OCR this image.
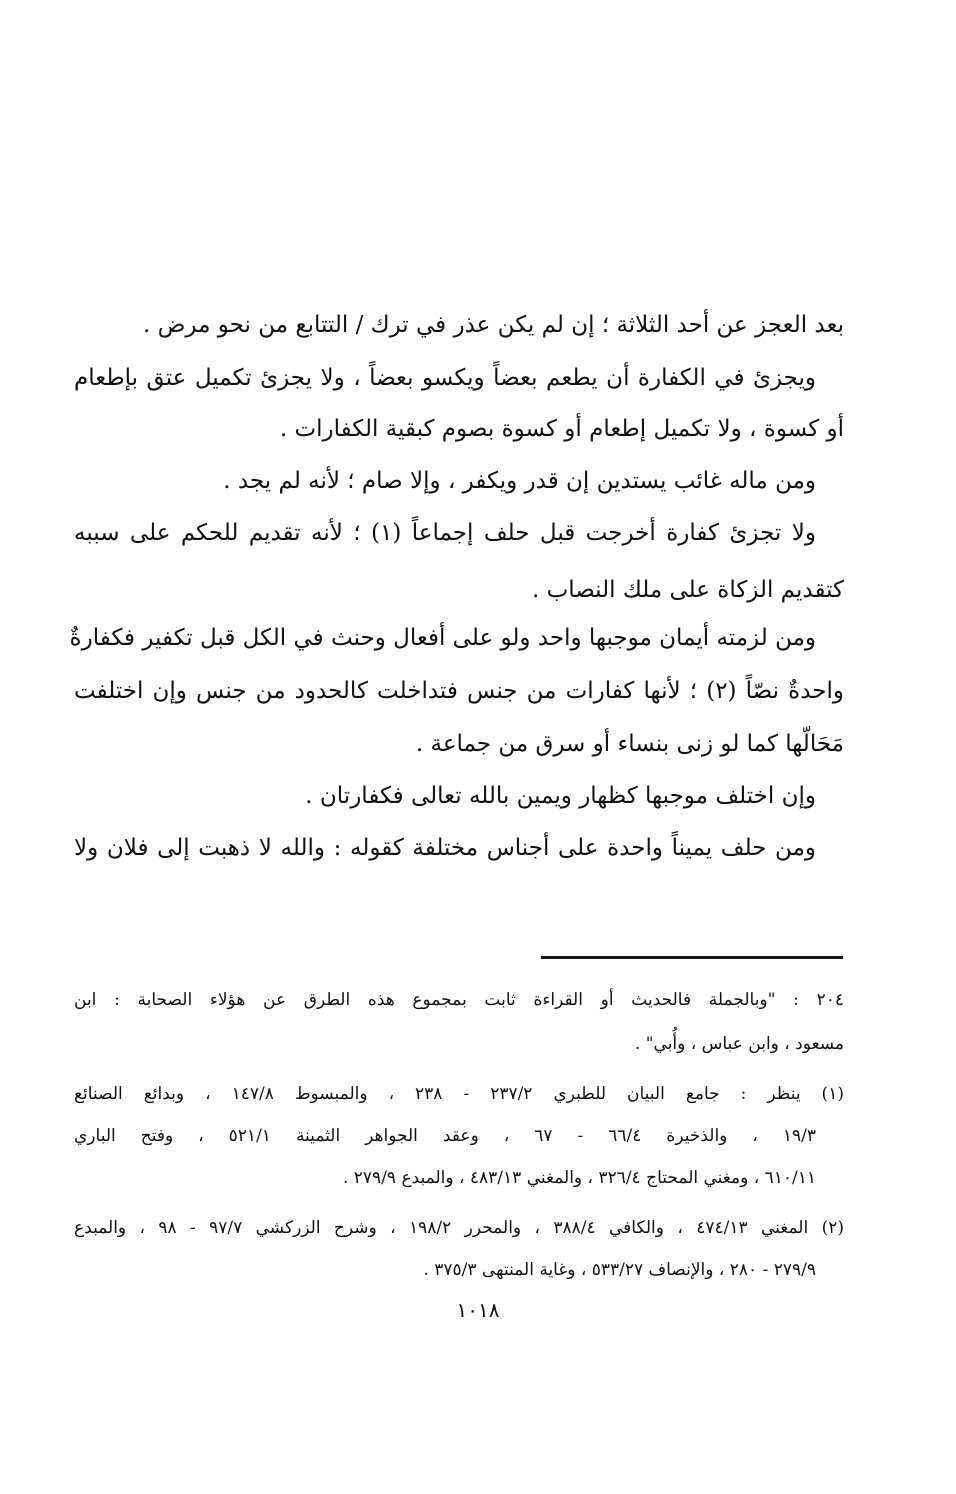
بعد العجز عن أحد الثلاثة ؛ إن لم يكن عذر في ترك / التتابع من نحو مرض .
ويجزئ في الكفارة أن يطعم بعضاً ويكسو بعضاً ، ولا يجزئ تكميل عتق بإطعام
أو كسوة ، ولا تكميل إطعام أو كسوة بصوم كبقية الكفارات .
ومن ماله غائب يستدين إن قدر ويكفر ، وإلا صام ؛ لأنه لم يجد .
ولا تجزئ كفارة أخرجت قبل حلف إجماعاً (١) ؛ لأنه تقديم للحكم على سببه
كتقديم الزكاة على ملك النصاب .
ومن لزمته أيمان موجبها واحد ولو على أفعال وحنث في الكل قبل تكفير فكفارةٌ
واحدةٌ نصّاً (٢) ؛ لأنها كفارات من جنس فتداخلت كالحدود من جنس وإن اختلفت
مَحَالّها كما لو زنى بنساء أو سرق من جماعة .
وإن اختلف موجبها كظهار ويمين بالله تعالى فكفارتان .
ومن حلف يميناً واحدة على أجناس مختلفة كقوله : والله لا ذهبت إلى فلان ولا
٢٠٤ : "وبالجملة فالحديث أو القراءة ثابت بمجموع هذه الطرق عن هؤلاء الصحابة : ابن
مسعود ، وابن عباس ، وأُبي" .
(١) ينظر : جامع البيان للطبري ٢٣٧/٢ - ٢٣٨ ، والمبسوط ١٤٧/٨ ، وبدائع الصنائع
١٩/٣ ، والذخيرة ٦٦/٤ - ٦٧ ، وعقد الجواهر الثمينة ٥٢١/١ ، وفتح الباري
٦١٠/١١ ، ومغني المحتاج ٣٢٦/٤ ، والمغني ٤٨٣/١٣ ، والمبدع ٢٧٩/٩ .
(٢) المغني ٤٧٤/١٣ ، والكافي ٣٨٨/٤ ، والمحرر ١٩٨/٢ ، وشرح الزركشي ٩٧/٧ - ٩٨ ، والمبدع
٢٧٩/٩ - ٢٨٠ ، والإنصاف ٥٣٣/٢٧ ، وغاية المنتهى ٣٧٥/٣ .
١٠١٨
